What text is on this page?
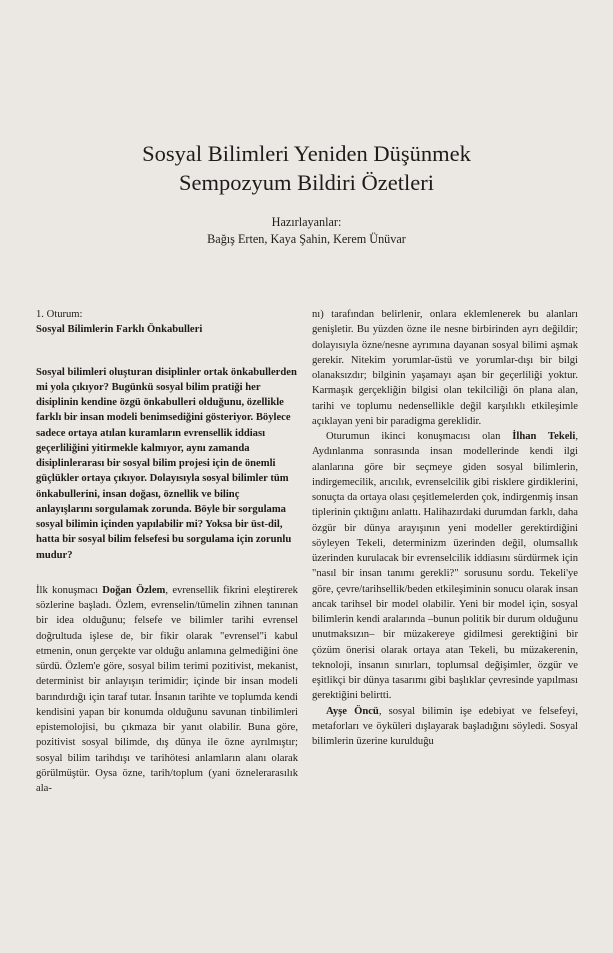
Sosyal Bilimleri Yeniden Düşünmek
Sempozyum Bildiri Özetleri
Hazırlayanlar:
Bağış Erten, Kaya Şahin, Kerem Ünüvar

1. Oturum:

Sosyal Bilimlerin Farklı Önkabulleri

Sosyal bilimleri oluşturan disiplinler ortak önkabullerden mi yola çıkıyor? Bugünkü sosyal bilim pratiği her disiplinin kendine özgü önkabulleri olduğunu, özellikle farklı bir insan modeli benimsediğini gösteriyor. Böylece sadece ortaya atılan kuramların evrensellik iddiası geçerliliğini yitirmekle kalmıyor, aynı zamanda disiplinlerarası bir sosyal bilim projesi için de önemli güçlükler ortaya çıkıyor. Dolayısıyla sosyal bilimler tüm önkabullerini, insan doğası, öznellik ve bilinç anlayışlarını sorgulamak zorunda. Böyle bir sorgulama sosyal bilimin içinden yapılabilir mi? Yoksa bir üst-dil, hatta bir sosyal bilim felsefesi bu sorgulama için zorunlu mudur?

İlk konuşmacı Doğan Özlem, evrensellik fikrini eleştirerek sözlerine başladı. Özlem, evrenselin/tümelin zihnen tanınan bir idea olduğunu; felsefe ve bilimler tarihi evrensel doğrultuda işlese de, bir fikir olarak "evrensel"i kabul etmenin, onun gerçekte var olduğu anlamına gelmediğini öne sürdü. Özlem'e göre, sosyal bilim terimi pozitivist, mekanist, determinist bir anlayışın terimidir; içinde bir insan modeli barındırdığı için taraf tutar. İnsanın tarihte ve toplumda kendi kendisini yapan bir konumda olduğunu savunan tinbilimleri epistemolojisi, bu çıkmaza bir yanıt olabilir. Buna göre, pozitivist sosyal bilimde, dış dünya ile özne ayrılmıştır; sosyal bilim tarihdışı ve tarihötesi anlamların alanı olarak görülmüştür. Oysa özne, tarih/toplum (yani öznelerarasılık ala-

nı) tarafından belirlenir, onlara eklemlenerek bu alanları genişletir. Bu yüzden özne ile nesne birbirinden ayrı değildir; dolayısıyla özne/nesne ayrımına dayanan sosyal bilimi aşmak gerekir. Nitekim yorumlar-üstü ve yorumlar-dışı bir bilgi olanaksızdır; bilginin yaşamayı aşan bir geçerliliği yoktur. Karmaşık gerçekliğin bilgisi olan tekilciliği ön plana alan, tarihi ve toplumu nedensellikle değil karşılıklı etkileşimle açıklayan yeni bir paradigma gereklidir.

Oturumun ikinci konuşmacısı olan İlhan Tekeli, Aydınlanma sonrasında insan modellerinde kendi ilgi alanlarına göre bir seçmeye giden sosyal bilimlerin, indirgemecilik, arıcılık, evrenselcilik gibi risklere girdiklerini, sonuçta da ortaya olası çeşitlemelerden çok, indirgenmiş insan tiplerinin çıktığını anlattı. Halihazırdaki durumdan farklı, daha özgür bir dünya arayışının yeni modeller gerektirdiğini söyleyen Tekeli, determinizm üzerinden değil, olumsallık üzerinden kurulacak bir evrenselcilik iddiasını sürdürmek için "nasıl bir insan tanımı gerekli?" sorusunu sordu. Tekeli'ye göre, çevre/tarihsellik/beden etkileşiminin sonucu olarak insan ancak tarihsel bir model olabilir. Yeni bir model için, sosyal bilimlerin kendi aralarında –bunun politik bir durum olduğunu unutmaksızın– bir müzakereye gidilmesi gerektiğini bir çözüm önerisi olarak ortaya atan Tekeli, bu müzakerenin, teknoloji, insanın sınırları, toplumsal değişimler, özgür ve eşitlikçi bir dünya tasarımı gibi başlıklar çevresinde yapılması gerektiğini belirtti.

Ayşe Öncü, sosyal bilimin işe edebiyat ve felsefeyi, metaforları ve öyküleri dışlayarak başladığını söyledi. Sosyal bilimlerin üzerine kurulduğu
